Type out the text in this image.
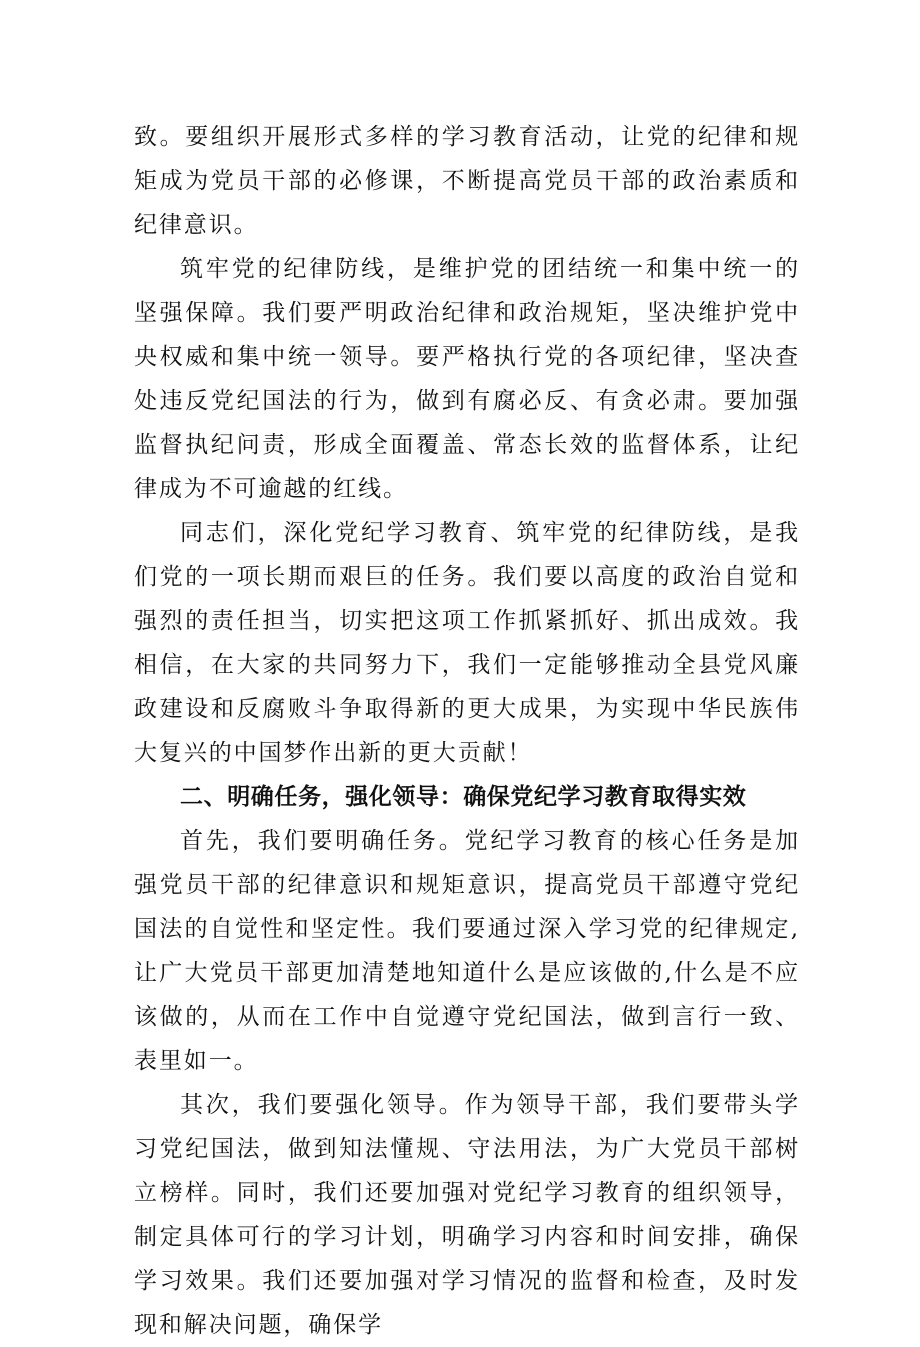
致。要组织开展形式多样的学习教育活动，让党的纪律和规矩成为党员干部的必修课，不断提高党员干部的政治素质和纪律意识。

筑牢党的纪律防线，是维护党的团结统一和集中统一的坚强保障。我们要严明政治纪律和政治规矩，坚决维护党中央权威和集中统一领导。要严格执行党的各项纪律，坚决查处违反党纪国法的行为，做到有腐必反、有贪必肃。要加强监督执纪问责，形成全面覆盖、常态长效的监督体系，让纪律成为不可逾越的红线。

同志们，深化党纪学习教育、筑牢党的纪律防线，是我们党的一项长期而艰巨的任务。我们要以高度的政治自觉和强烈的责任担当，切实把这项工作抓紧抓好、抓出成效。我相信，在大家的共同努力下，我们一定能够推动全县党风廉政建设和反腐败斗争取得新的更大成果，为实现中华民族伟大复兴的中国梦作出新的更大贡献！

二、明确任务，强化领导：确保党纪学习教育取得实效

首先，我们要明确任务。党纪学习教育的核心任务是加强党员干部的纪律意识和规矩意识，提高党员干部遵守党纪国法的自觉性和坚定性。我们要通过深入学习党的纪律规定,让广大党员干部更加清楚地知道什么是应该做的,什么是不应该做的，从而在工作中自觉遵守党纪国法，做到言行一致、表里如一。

其次，我们要强化领导。作为领导干部，我们要带头学习党纪国法，做到知法懂规、守法用法，为广大党员干部树立榜样。同时，我们还要加强对党纪学习教育的组织领导，制定具体可行的学习计划，明确学习内容和时间安排，确保学习效果。我们还要加强对学习情况的监督和检查，及时发现和解决问题，确保学
